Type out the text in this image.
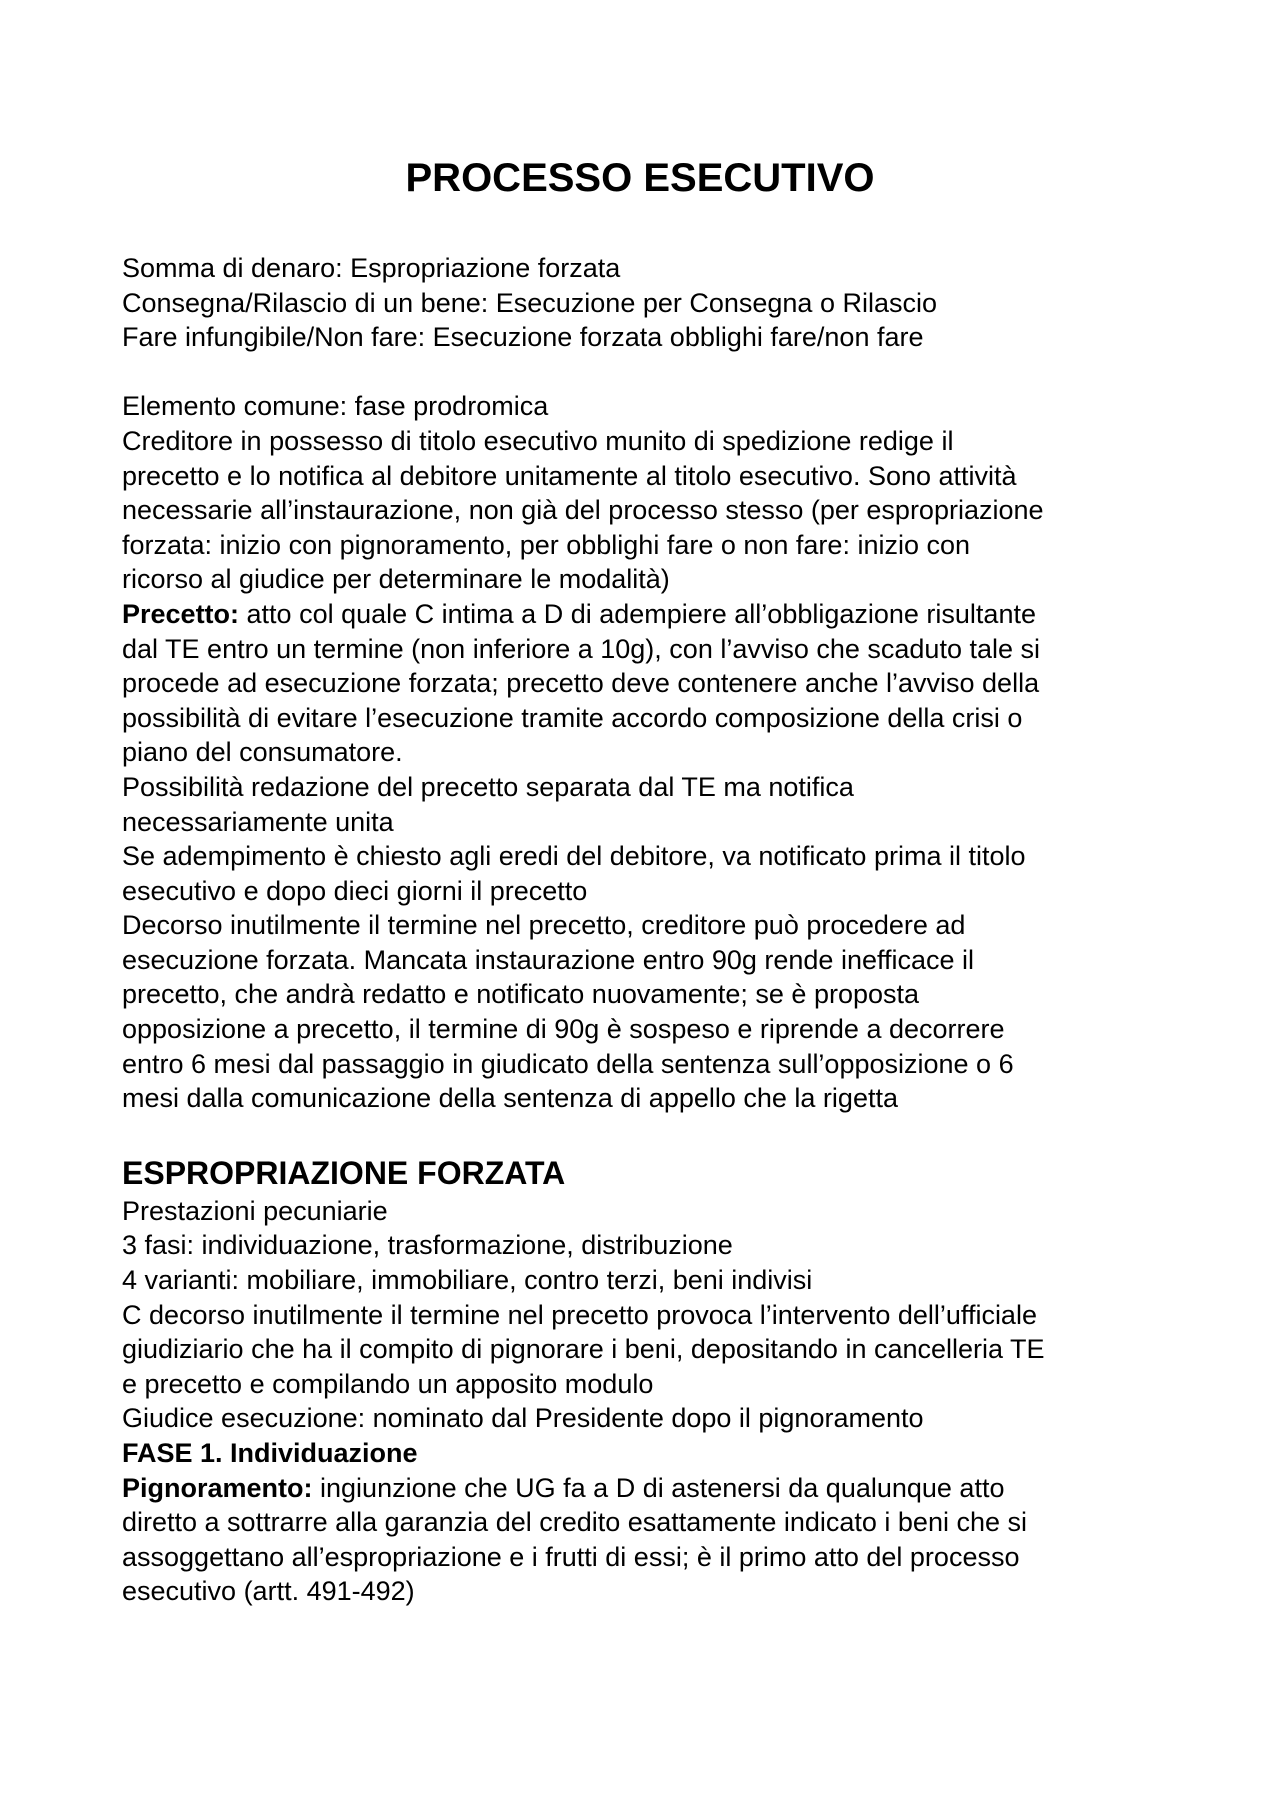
PROCESSO ESECUTIVO
Somma di denaro: Espropriazione forzata
Consegna/Rilascio di un bene: Esecuzione per Consegna o Rilascio
Fare infungibile/Non fare: Esecuzione forzata obblighi fare/non fare
Elemento comune: fase prodromica
Creditore in possesso di titolo esecutivo munito di spedizione redige il
precetto e lo notifica al debitore unitamente al titolo esecutivo. Sono attività
necessarie all’instaurazione, non già del processo stesso (per espropriazione
forzata: inizio con pignoramento, per obblighi fare o non fare: inizio con
ricorso al giudice per determinare le modalità)
Precetto: atto col quale C intima a D di adempiere all’obbligazione risultante
dal TE entro un termine (non inferiore a 10g), con l’avviso che scaduto tale si
procede ad esecuzione forzata; precetto deve contenere anche l’avviso della
possibilità di evitare l’esecuzione tramite accordo composizione della crisi o
piano del consumatore.
Possibilità redazione del precetto separata dal TE ma notifica
necessariamente unita
Se adempimento è chiesto agli eredi del debitore, va notificato prima il titolo
esecutivo e dopo dieci giorni il precetto
Decorso inutilmente il termine nel precetto, creditore può procedere ad
esecuzione forzata. Mancata instaurazione entro 90g rende inefficace il
precetto, che andrà redatto e notificato nuovamente; se è proposta
opposizione a precetto, il termine di 90g è sospeso e riprende a decorrere
entro 6 mesi dal passaggio in giudicato della sentenza sull’opposizione o 6
mesi dalla comunicazione della sentenza di appello che la rigetta
ESPROPRIAZIONE FORZATA
Prestazioni pecuniarie
3 fasi: individuazione, trasformazione, distribuzione
4 varianti: mobiliare, immobiliare, contro terzi, beni indivisi
C decorso inutilmente il termine nel precetto provoca l’intervento dell’ufficiale
giudiziario che ha il compito di pignorare i beni, depositando in cancelleria TE
e precetto e compilando un apposito modulo
Giudice esecuzione: nominato dal Presidente dopo il pignoramento
FASE 1. Individuazione
Pignoramento: ingiunzione che UG fa a D di astenersi da qualunque atto
diretto a sottrarre alla garanzia del credito esattamente indicato i beni che si
assoggettano all’espropriazione e i frutti di essi; è il primo atto del processo
esecutivo (artt. 491-492)
